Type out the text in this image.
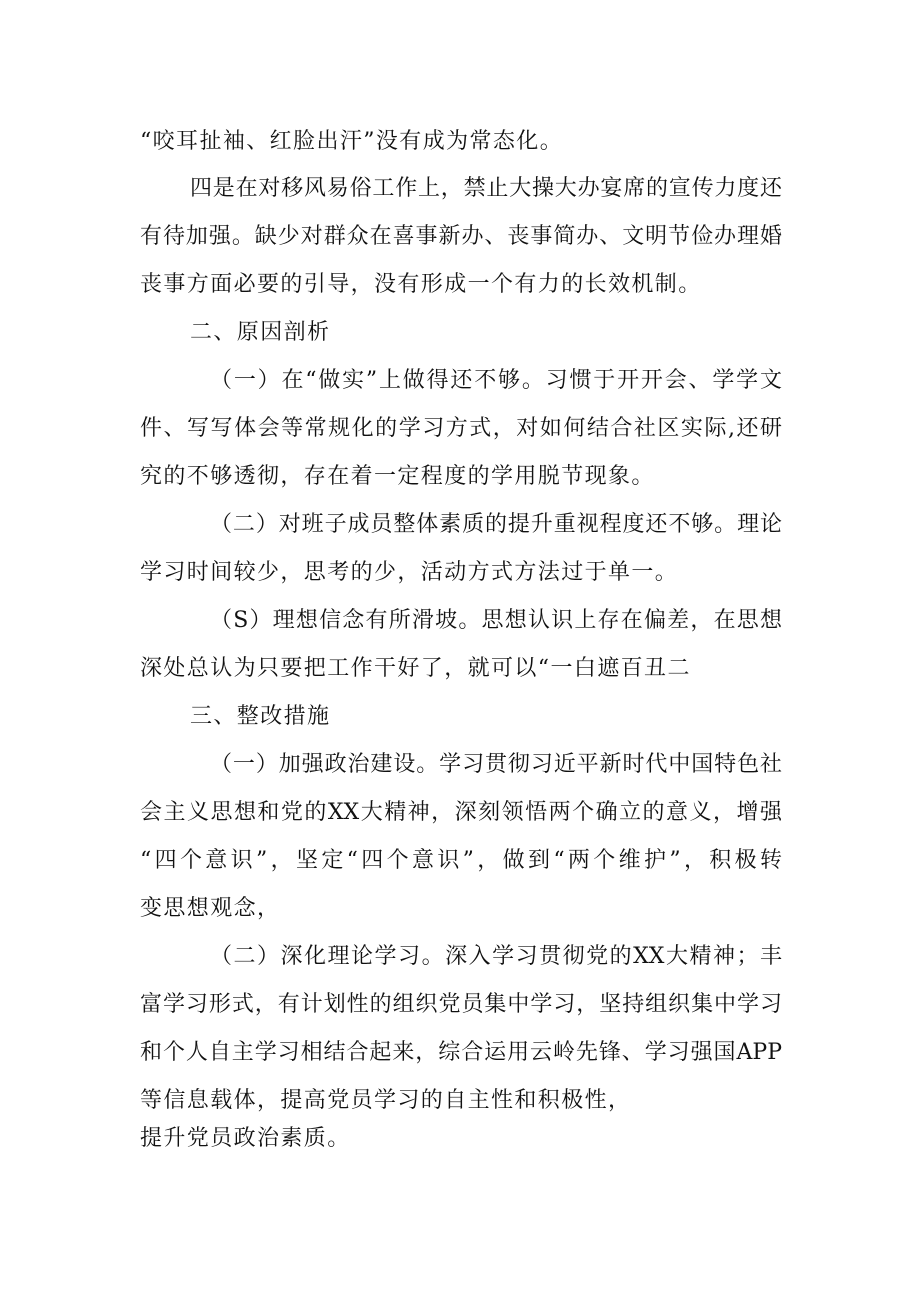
“咬耳扯袖、红脸出汗”没有成为常态化。
四是在对移风易俗工作上，禁止大操大办宴席的宣传力度还
有待加强。缺少对群众在喜事新办、丧事简办、文明节俭办理婚
丧事方面必要的引导，没有形成一个有力的长效机制。
二、原因剖析
（一）在“做实”上做得还不够。习惯于开开会、学学文
件、写写体会等常规化的学习方式，对如何结合社区实际,还研
究的不够透彻，存在着一定程度的学用脱节现象。
（二）对班子成员整体素质的提升重视程度还不够。理论
学习时间较少，思考的少，活动方式方法过于单一。
（S）理想信念有所滑坡。思想认识上存在偏差，在思想
深处总认为只要把工作干好了，就可以“一白遮百丑二
三、整改措施
（一）加强政治建设。学习贯彻习近平新时代中国特色社
会主义思想和党的XX大精神，深刻领悟两个确立的意义，增强
“四个意识”，坚定“四个意识”，做到“两个维护”，积极转
变思想观念，
（二）深化理论学习。深入学习贯彻党的XX大精神；丰
富学习形式，有计划性的组织党员集中学习，坚持组织集中学习
和个人自主学习相结合起来，综合运用云岭先锋、学习强国APP
等信息载体，提高党员学习的自主性和积极性，
提升党员政治素质。
